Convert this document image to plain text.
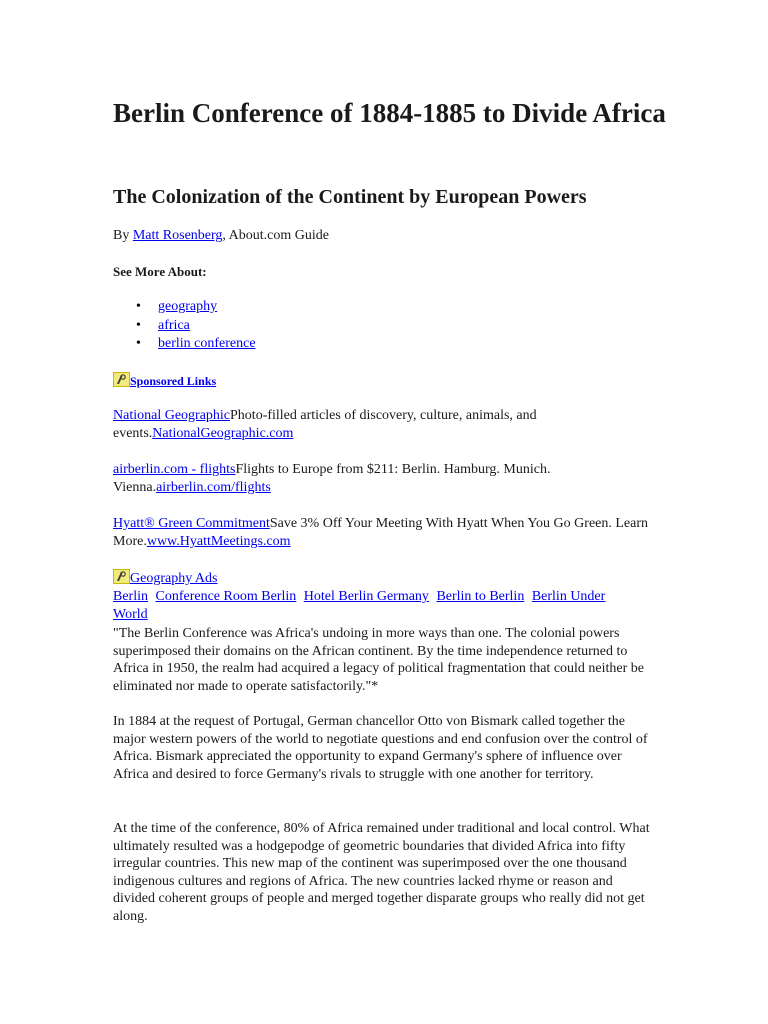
Berlin Conference of 1884-1885 to Divide Africa
The Colonization of the Continent by European Powers
By Matt Rosenberg, About.com Guide
See More About:
• geography
• africa
• berlin conference
Sponsored Links
National GeographicPhoto-filled articles of discovery, culture, animals, and events.NationalGeographic.com
airberlin.com - flightsFlights to Europe from $211: Berlin. Hamburg. Munich. Vienna.airberlin.com/flights
Hyatt® Green CommitmentSave 3% Off Your Meeting With Hyatt When You Go Green. Learn More.www.HyattMeetings.com
Geography Ads
Berlin Conference Room Berlin Hotel Berlin Germany Berlin to Berlin Berlin Under World
"The Berlin Conference was Africa's undoing in more ways than one. The colonial powers superimposed their domains on the African continent. By the time independence returned to Africa in 1950, the realm had acquired a legacy of political fragmentation that could neither be eliminated nor made to operate satisfactorily."*
In 1884 at the request of Portugal, German chancellor Otto von Bismark called together the major western powers of the world to negotiate questions and end confusion over the control of Africa. Bismark appreciated the opportunity to expand Germany's sphere of influence over Africa and desired to force Germany's rivals to struggle with one another for territory.
At the time of the conference, 80% of Africa remained under traditional and local control. What ultimately resulted was a hodgepodge of geometric boundaries that divided Africa into fifty irregular countries. This new map of the continent was superimposed over the one thousand indigenous cultures and regions of Africa. The new countries lacked rhyme or reason and divided coherent groups of people and merged together disparate groups who really did not get along.
